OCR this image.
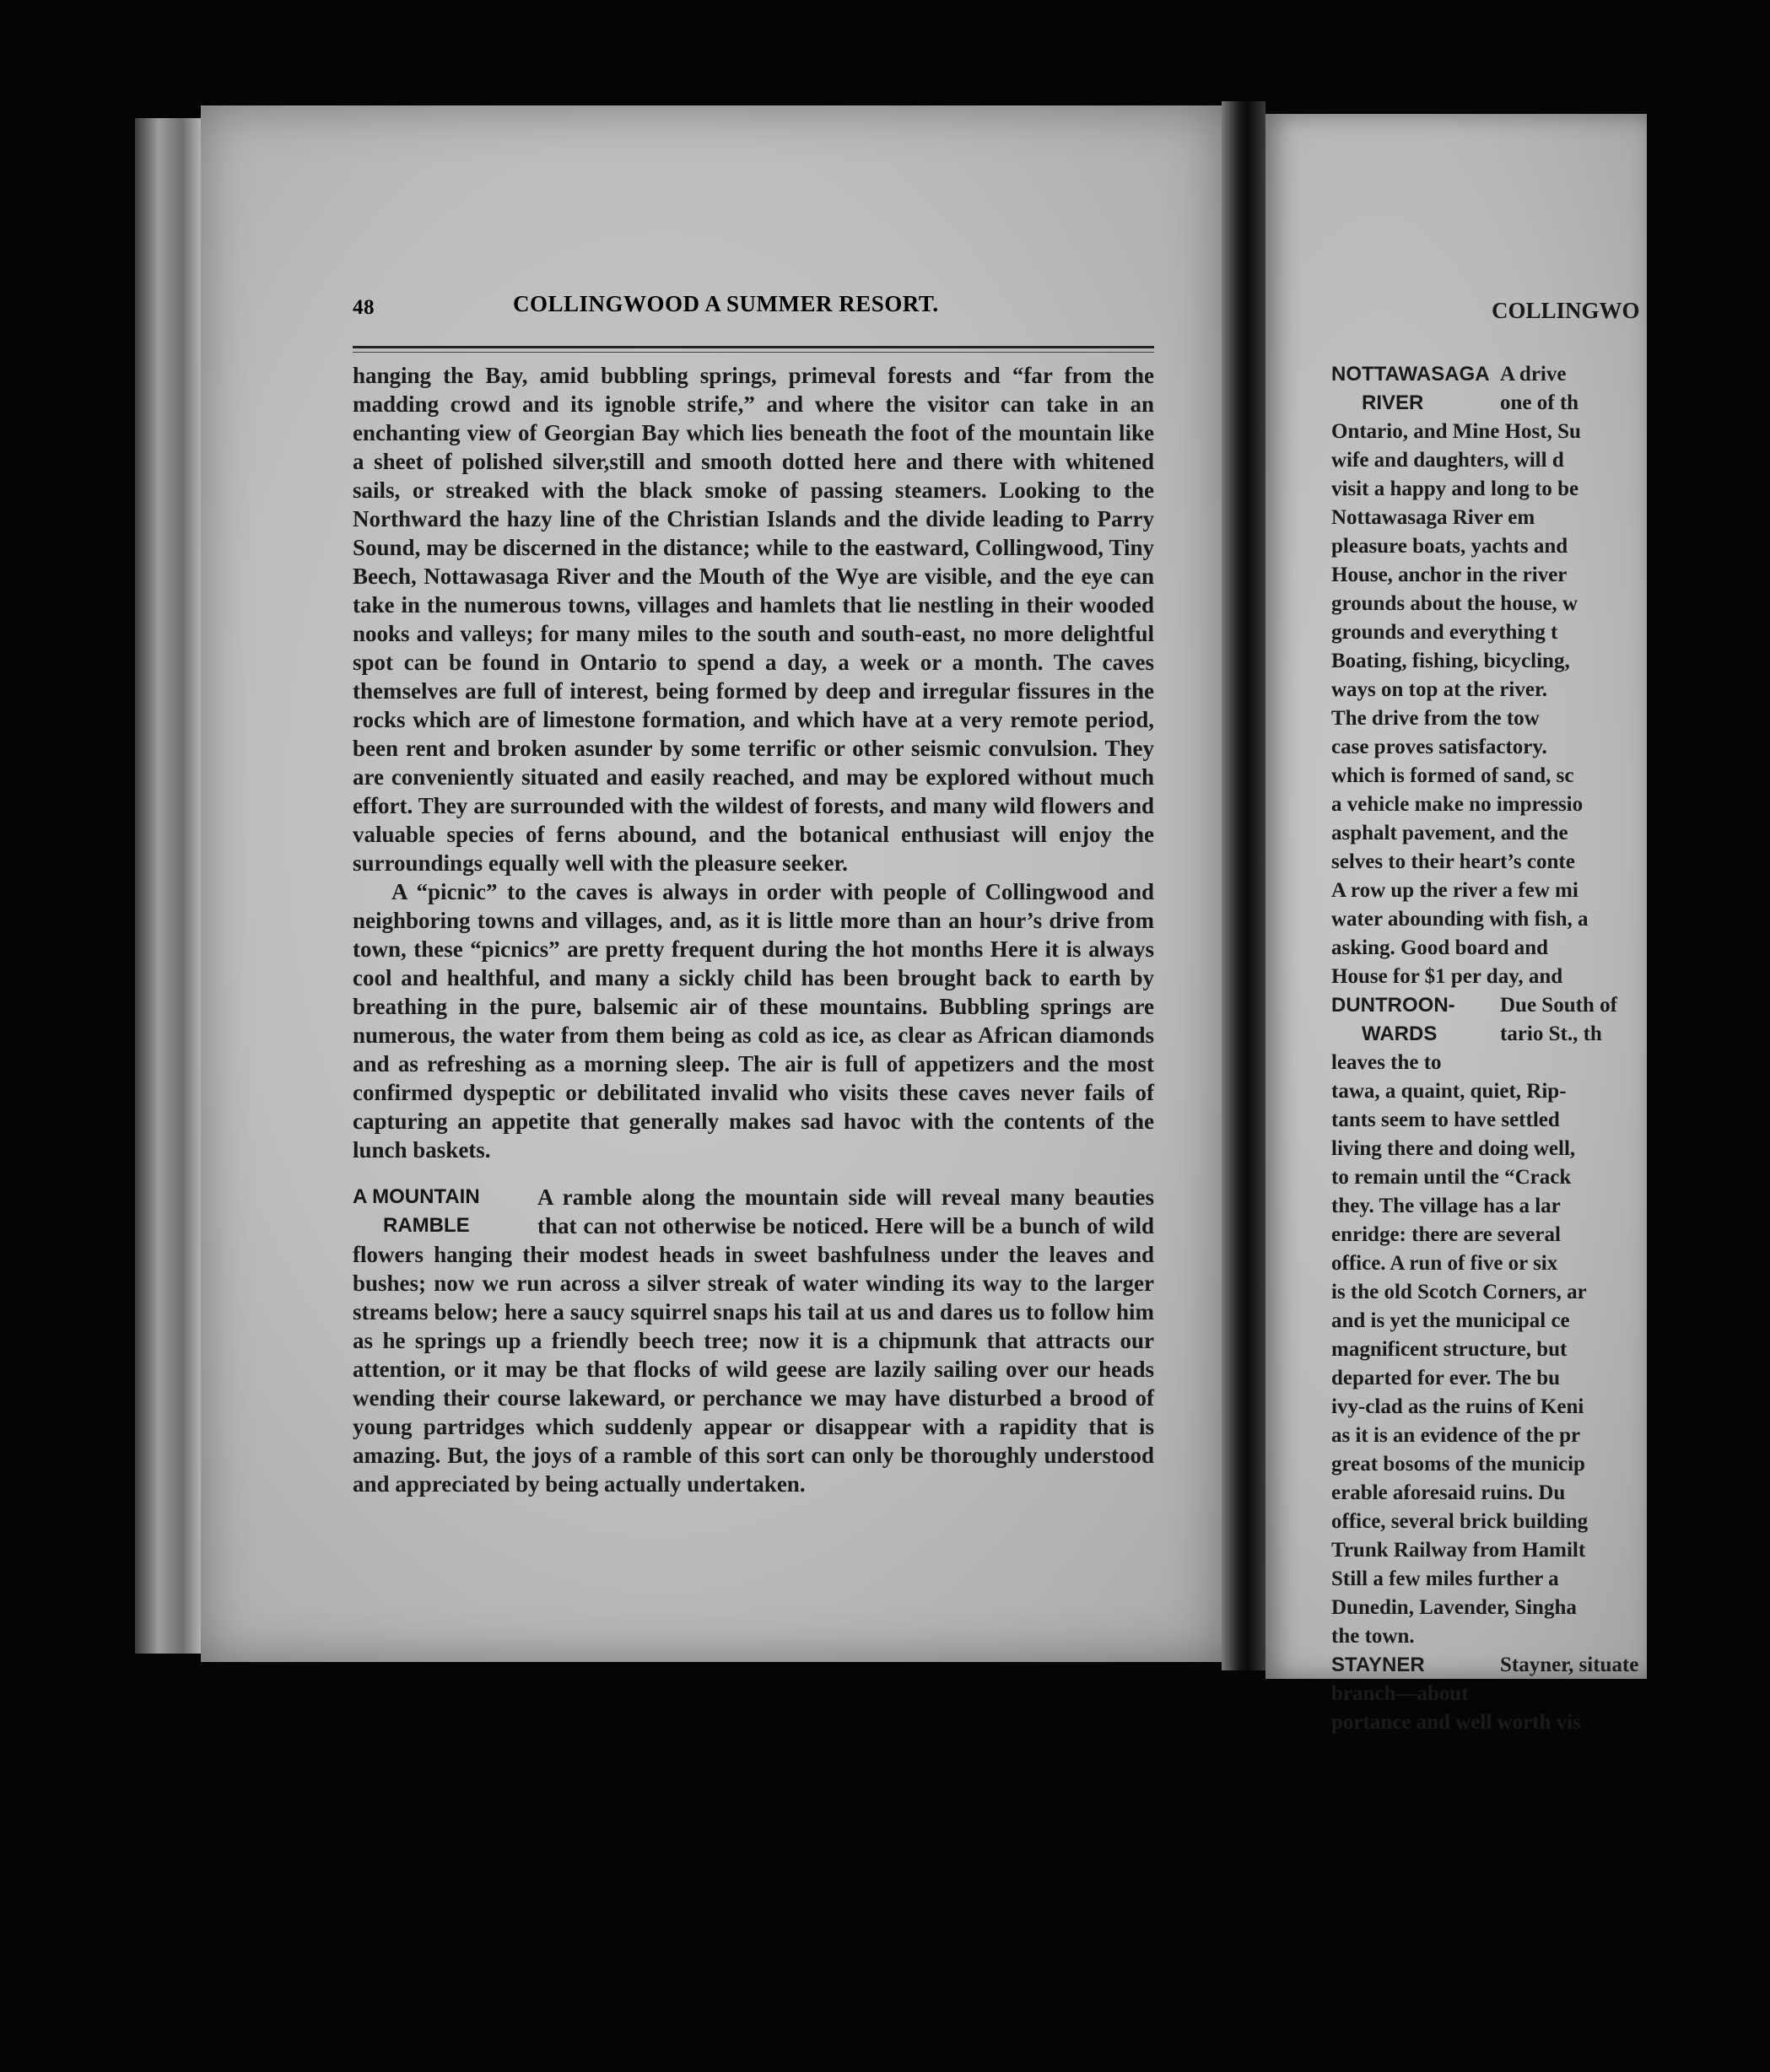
COLLINGWO
NOTTAWASAGA A drive
RIVER	one of th
Ontario, and Mine Host, Su
wife and daughters, will d
visit a happy and long to be
Nottawasaga River em
pleasure boats, yachts and
House, anchor in the river
grounds about the house, w
grounds and everything t
Boating, fishing, bicycling,
ways on top at the river.
The drive from the tow
case proves satisfactory.
which is formed of sand, sc
a vehicle make no impressio
asphalt pavement, and the
selves to their heart’s conte
A row up the river a few mi
water abounding with fish, a
asking. Good board and
House for $1 per day, and
DUNTROON- Due South of
WARDS	tario St., th
leaves the to
tawa, a quaint, quiet, Rip-
tants seem to have settled
living there and doing well,
to remain until the “Crack
they. The village has a lar
enridge: there are several
office. A run of five or six
is the old Scotch Corners, ar
and is yet the municipal ce
magnificent structure, but
departed for ever. The bu
ivy-clad as the ruins of Keni
as it is an evidence of the pr
great bosoms of the municip
erable aforesaid ruins. Du
office, several brick building
Trunk Railway from Hamilt
Still a few miles further a
Dunedin, Lavender, Singha
the town.
STAYNER	Stayner, situate
branch—about
portance and well worth vis
48	COLLINGWOOD A SUMMER RESORT.

hanging the Bay, amid bubbling springs, primeval forests and “far from the madding crowd and its ignoble strife,” and where the visitor can take in an enchanting view of Georgian Bay which lies beneath the foot of the mountain like a sheet of polished silver,still and smooth dotted here and there with whitened sails, or streaked with the black smoke of passing steamers. Looking to the Northward the hazy line of the Christian Islands and the divide leading to Parry Sound, may be discerned in the distance; while to the eastward, Collingwood, Tiny Beech, Nottawasaga River and the Mouth of the Wye are visible, and the eye can take in the numerous towns, villages and hamlets that lie nestling in their wooded nooks and valleys; for many miles to the south and south-east, no more delightful spot can be found in Ontario to spend a day, a week or a month. The caves themselves are full of interest, being formed by deep and irregular fissures in the rocks which are of limestone formation, and which have at a very remote period, been rent and broken asunder by some terrific or other seismic convulsion. They are conveniently situated and easily reached, and may be explored without much effort. They are surrounded with the wildest of forests, and many wild flowers and valuable species of ferns abound, and the botanical enthusiast will enjoy the surroundings equally well with the pleasure seeker.

A “picnic” to the caves is always in order with people of Collingwood and neighboring towns and villages, and, as it is little more than an hour’s drive from town, these “picnics” are pretty frequent during the hot months Here it is always cool and healthful, and many a sickly child has been brought back to earth by breathing in the pure, balsemic air of these mountains. Bubbling springs are numerous, the water from them being as cold as ice, as clear as African diamonds and as refreshing as a morning sleep. The air is full of appetizers and the most confirmed dyspeptic or debilitated invalid who visits these caves never fails of capturing an appetite that generally makes sad havoc with the contents of the lunch baskets.

A MOUNTAIN
RAMBLE

A ramble along the mountain side will reveal many beauties that can not otherwise be noticed. Here will be a bunch of wild flowers hanging their modest heads in sweet bashfulness under the leaves and bushes; now we run across a silver streak of water winding its way to the larger streams below; here a saucy squirrel snaps his tail at us and dares us to follow him as he springs up a friendly beech tree; now it is a chipmunk that attracts our attention, or it may be that flocks of wild geese are lazily sailing over our heads wending their course lakeward, or perchance we may have disturbed a brood of young partridges which suddenly appear or disappear with a rapidity that is amazing. But, the joys of a ramble of this sort can only be thoroughly understood and appreciated by being actually undertaken.
